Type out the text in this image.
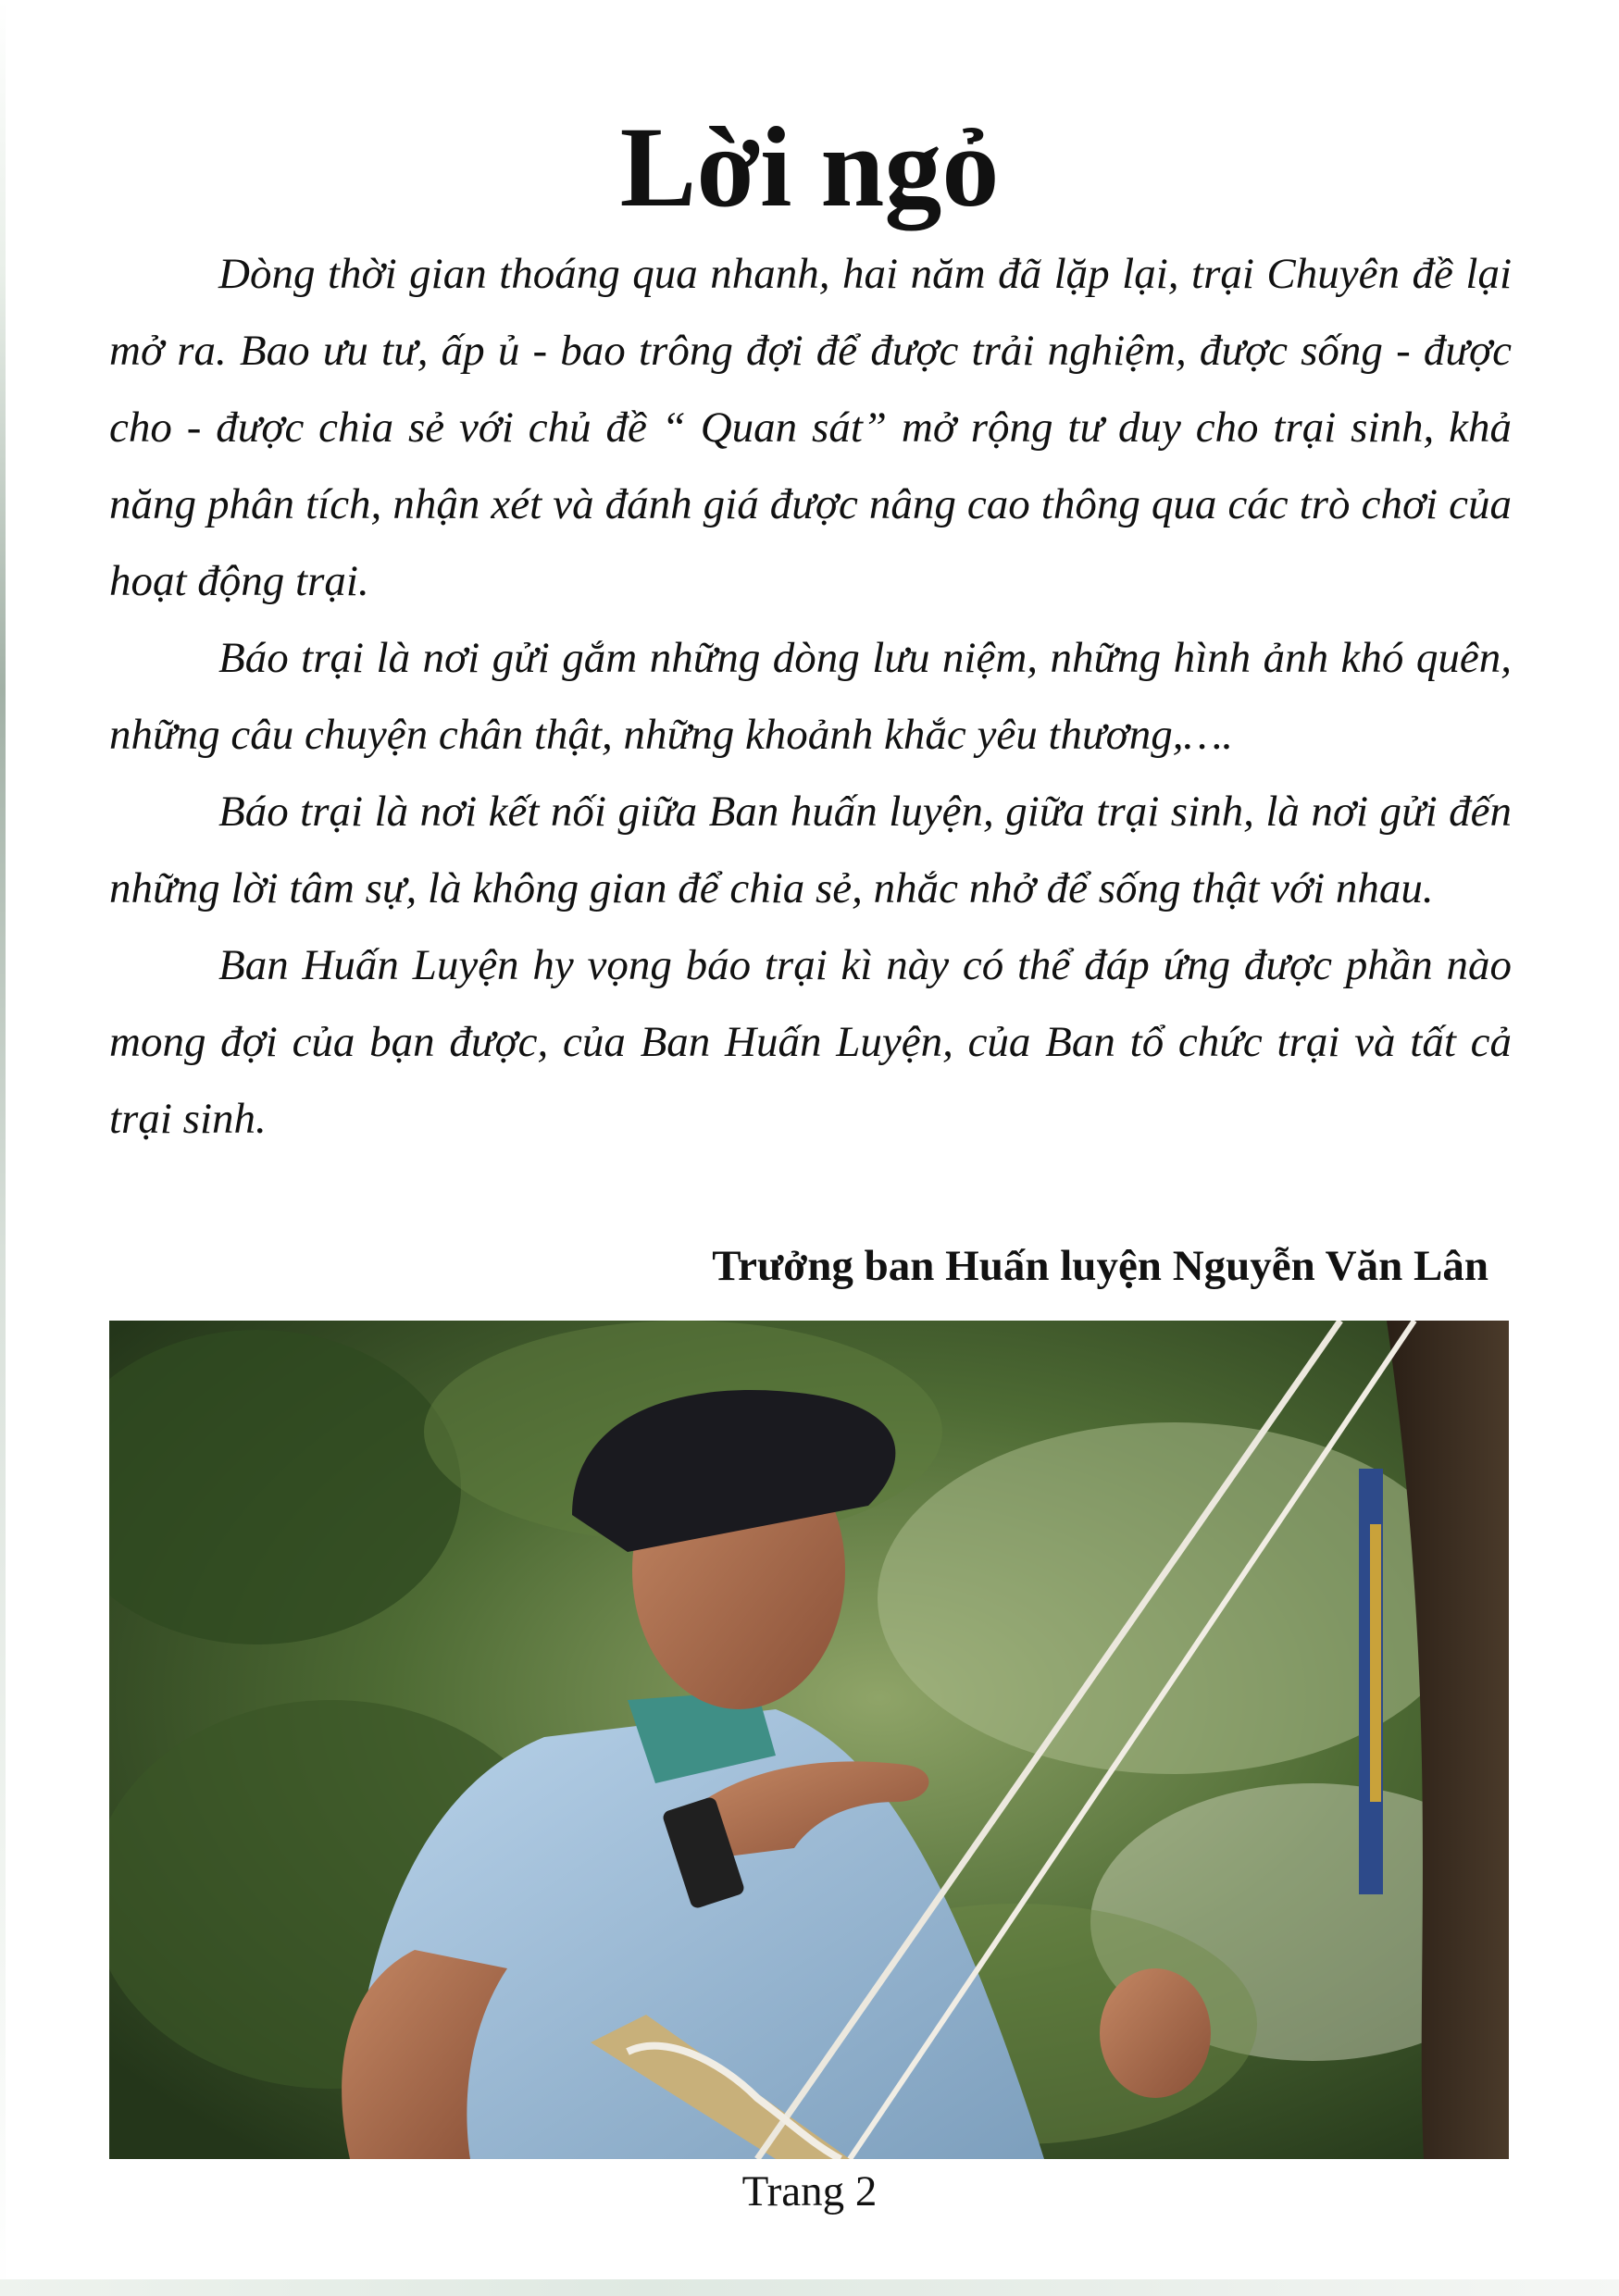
Lời ngỏ

Dòng thời gian thoáng qua nhanh, hai năm đã lặp lại, trại Chuyên đề lại mở ra. Bao ưu tư, ấp ủ - bao trông đợi để được trải nghiệm, được sống - được cho - được chia sẻ với chủ đề “ Quan sát” mở rộng tư duy cho trại sinh, khả năng phân tích, nhận xét và đánh giá được nâng cao thông qua các trò chơi của hoạt động trại.

Báo trại là nơi gửi gắm những dòng lưu niệm, những hình ảnh khó quên, những câu chuyện chân thật, những khoảnh khắc yêu thương,….

Báo trại là nơi kết nối giữa Ban huấn luyện, giữa trại sinh, là nơi gửi đến những lời tâm sự, là không gian để chia sẻ, nhắc nhở để sống thật với nhau.

Ban Huấn Luyện hy vọng báo trại kì này có thể đáp ứng được phần nào mong đợi của bạn được, của Ban Huấn Luyện, của Ban tổ chức trại và tất cả trại sinh.

Trưởng ban Huấn luyện Nguyễn Văn Lân
Trang 2
